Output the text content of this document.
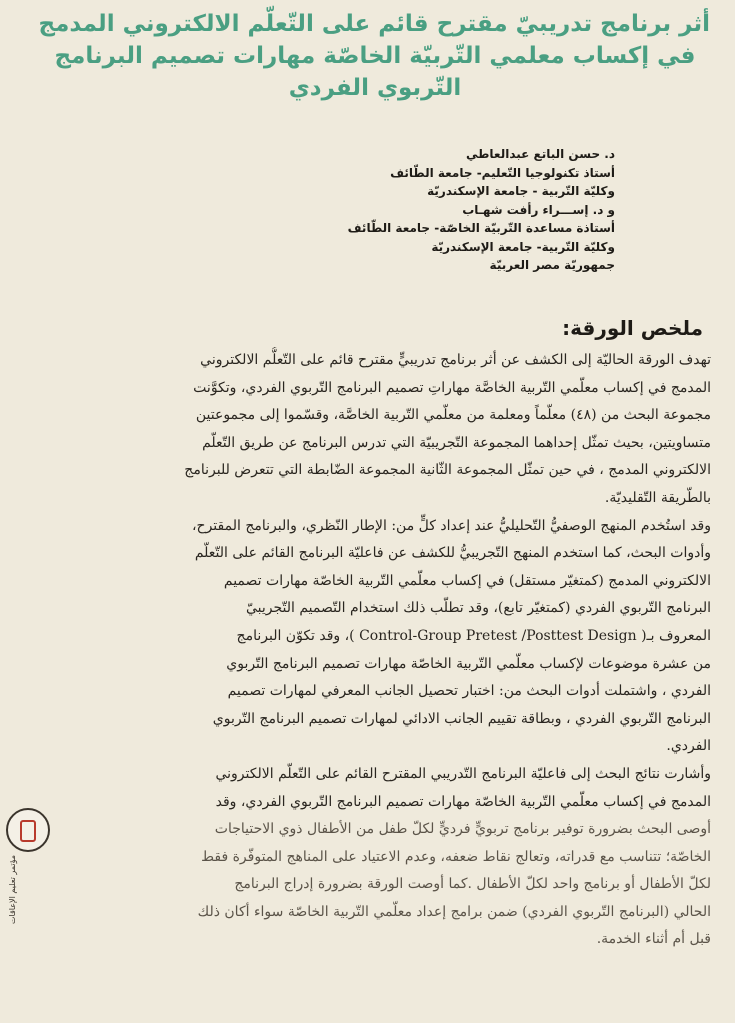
أثر برنامج تدريبيّ مقترح قائم على التّعلّم الالكتروني المدمج
في إكساب معلمي التّربيّة الخاصّة مهارات تصميم البرنامج
التّربوي الفردي
د. حسن الباتع عبدالعاطي
أستاذ تكنولوجيا التّعليم- جامعة الطّائف
وكليّة التّربية - جامعة الإسكندريّة
و د. إســـراء رأفت شهـاب
أستاذة مساعدة التّربيّة الخاصّة- جامعة الطّائف
وكليّة التّربية- جامعة الإسكندريّة
جمهوريّة مصر العربيّة
ملخص الورقة:
تهدف الورقة الحاليّة إلى الكشف عن أثر برنامج تدريبيٍّ مقترح قائم على التّعلُّم الالكتروني
المدمج في إكساب معلّمي التّربية الخاصَّة مهاراتِ تصميم البرنامج التّربوي الفردي، وتكوَّنت
مجموعة البحث من (٤٨) معلّماً ومعلمة من معلّمي التّربية الخاصَّة، وقسّموا إلى مجموعتين
متساويتين، بحيث تمثّل إحداهما المجموعة التّجريبيّة التي تدرس البرنامج عن طريق التّعلّم
الالكتروني المدمج ، في حين تمثّل المجموعة الثّانية المجموعة الضّابطة التي تتعرض للبرنامج
بالطّريقة التّقليديّة.
وقد استُخدم المنهج الوصفيُّ التّحليليُّ عند إعداد كلٍّ من: الإطار النّظري، والبرنامج المقترح،
وأدوات البحث، كما استخدم المنهج التّجريبيُّ للكشف عن فاعليّة البرنامج القائم على التّعلّم
الالكتروني المدمج (كمتغيّر مستقل) في إكساب معلّمي التّربية الخاصّة مهارات تصميم
البرنامج التّربوي الفردي (كمتغيّر تابع)، وقد تطلّب ذلك استخدام التّصميم التّجريبيّ
المعروف بـ( Control-Group Pretest /Posttest Design )، وقد تكوّن البرنامج
من عشرة موضوعات لإكساب معلّمي التّربية الخاصّة مهارات تصميم البرنامج التّربوي
الفردي ، واشتملت أدوات البحث من: اختبار تحصيل الجانب المعرفي لمهارات تصميم
البرنامج التّربوي الفردي ، وبطاقة تقييم الجانب الادائي لمهارات تصميم البرنامج التّربوي
الفردي.
وأشارت نتائج البحث إلى فاعليّة البرنامج التّدريبي المقترح القائم على التّعلّم الالكتروني
المدمج في إكساب معلّمي التّربية الخاصّة مهارات تصميم البرنامج التّربوي الفردي، وقد
أوصى البحث بضرورة توفير برنامج تربويٍّ فرديٍّ لكلّ طفل من الأطفال ذوي الاحتياجات
الخاصّة؛ تتناسب مع قدراته، وتعالج نقاط ضعفه، وعدم الاعتياد على المناهج المتوفّرة فقط
لكلّ الأطفال أو برنامج واحد لكلّ الأطفال .كما أوصت الورقة بضرورة إدراج البرنامج
الحالي (البرنامج التّربوي الفردي) ضمن برامج إعداد معلّمي التّربية الخاصّة سواء أكان ذلك
قبل أم أثناء الخدمة.
مؤتمر تعليم الإعاقات
